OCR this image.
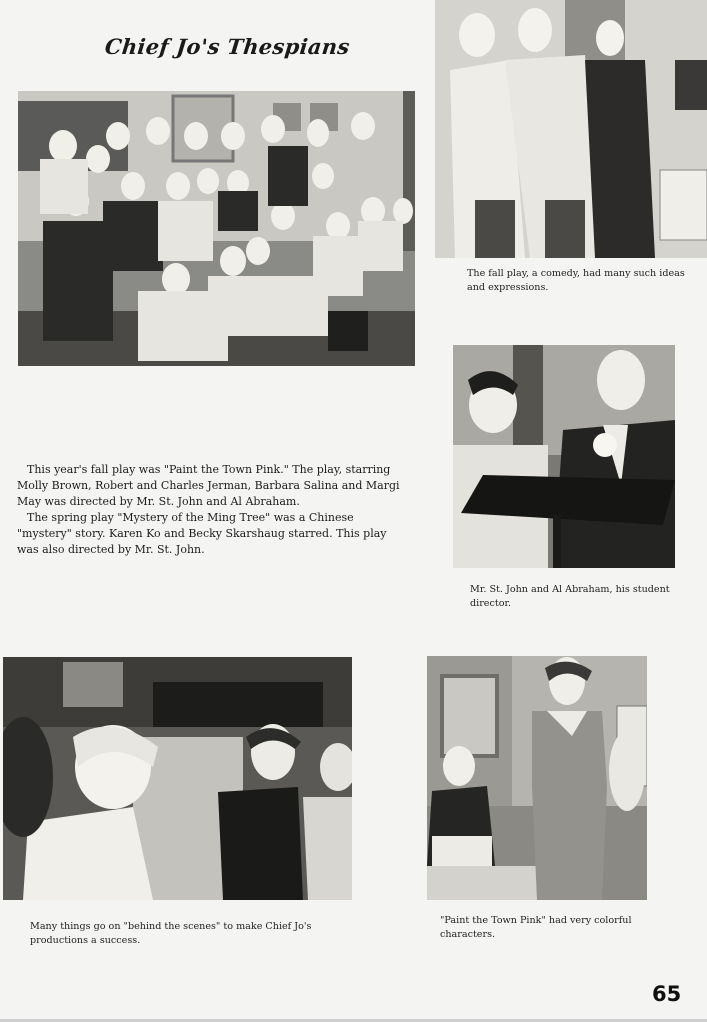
Chief Jo's Thespians
The fall play, a comedy, had many such ideas and expressions.
Mr. St. John and Al Abraham, his student director.

This year's fall play was "Paint the Town Pink." The play, starring Molly Brown, Robert and Charles Jerman, Barbara Salina and Margi May was directed by Mr. St. John and Al Abraham.

The spring play "Mystery of the Ming Tree" was a Chinese "mystery" story. Karen Ko and Becky Skarshaug starred. This play was also directed by Mr. St. John.

Many things go on "behind the scenes" to make Chief Jo's productions a success.
"Paint the Town Pink" had very colorful characters.
65
